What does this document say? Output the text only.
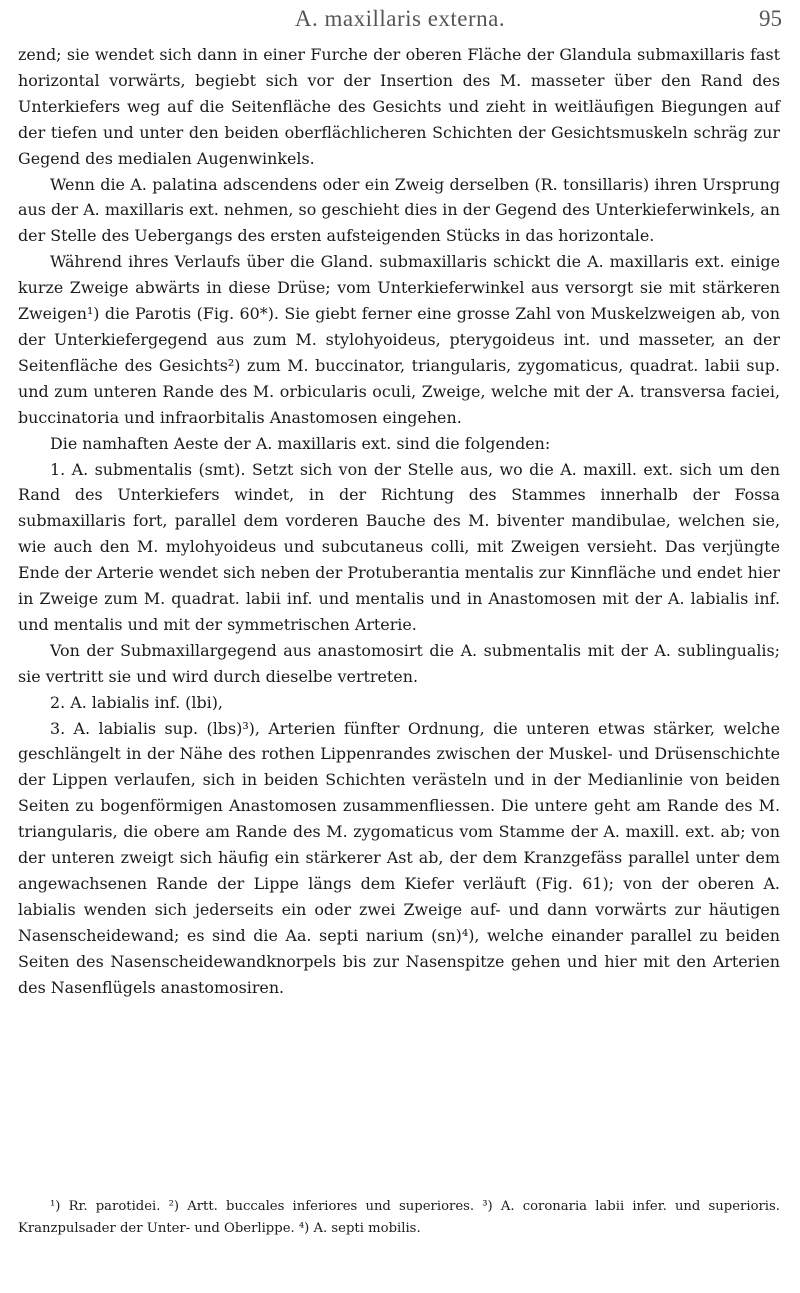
A. maxillaris externa.	95

zend; sie wendet sich dann in einer Furche der oberen Fläche der Glandula submaxillaris fast horizontal vorwärts, begiebt sich vor der Insertion des M. masseter über den Rand des Unterkiefers weg auf die Seitenfläche des Gesichts und zieht in weitläufigen Biegungen auf der tiefen und unter den beiden oberflächlicheren Schichten der Gesichtsmuskeln schräg zur Gegend des medialen Augenwinkels.

Wenn die A. palatina adscendens oder ein Zweig derselben (R. tonsillaris) ihren Ursprung aus der A. maxillaris ext. nehmen, so geschieht dies in der Gegend des Unterkieferwinkels, an der Stelle des Uebergangs des ersten aufsteigenden Stücks in das horizontale.

Während ihres Verlaufs über die Gland. submaxillaris schickt die A. maxillaris ext. einige kurze Zweige abwärts in diese Drüse; vom Unterkieferwinkel aus versorgt sie mit stärkeren Zweigen¹) die Parotis (Fig. 60*). Sie giebt ferner eine grosse Zahl von Muskelzweigen ab, von der Unterkiefergegend aus zum M. stylohyoideus, pterygoideus int. und masseter, an der Seitenfläche des Gesichts²) zum M. buccinator, triangularis, zygomaticus, quadrat. labii sup. und zum unteren Rande des M. orbicularis oculi, Zweige, welche mit der A. transversa faciei, buccinatoria und infraorbitalis Anastomosen eingehen.

Die namhaften Aeste der A. maxillaris ext. sind die folgenden:

1. A. submentalis (smt). Setzt sich von der Stelle aus, wo die A. maxill. ext. sich um den Rand des Unterkiefers windet, in der Richtung des Stammes innerhalb der Fossa submaxillaris fort, parallel dem vorderen Bauche des M. biventer mandibulae, welchen sie, wie auch den M. mylohyoideus und subcutaneus colli, mit Zweigen versieht. Das verjüngte Ende der Arterie wendet sich neben der Protuberantia mentalis zur Kinnfläche und endet hier in Zweige zum M. quadrat. labii inf. und mentalis und in Anastomosen mit der A. labialis inf. und mentalis und mit der symmetrischen Arterie.

Von der Submaxillargegend aus anastomosirt die A. submentalis mit der A. sublingualis; sie vertritt sie und wird durch dieselbe vertreten.

2. A. labialis inf. (lbi),

3. A. labialis sup. (lbs)³), Arterien fünfter Ordnung, die unteren etwas stärker, welche geschlängelt in der Nähe des rothen Lippenrandes zwischen der Muskel- und Drüsenschichte der Lippen verlaufen, sich in beiden Schichten verästeln und in der Medianlinie von beiden Seiten zu bogenförmigen Anastomosen zusammenfliessen. Die untere geht am Rande des M. triangularis, die obere am Rande des M. zygomaticus vom Stamme der A. maxill. ext. ab; von der unteren zweigt sich häufig ein stärkerer Ast ab, der dem Kranzgefäss parallel unter dem angewachsenen Rande der Lippe längs dem Kiefer verläuft (Fig. 61); von der oberen A. labialis wenden sich jederseits ein oder zwei Zweige auf- und dann vorwärts zur häutigen Nasenscheidewand; es sind die Aa. septi narium (sn)⁴), welche einander parallel zu beiden Seiten des Nasenscheidewandknorpels bis zur Nasenspitze gehen und hier mit den Arterien des Nasenflügels anastomosiren.

¹) Rr. parotidei. ²) Artt. buccales inferiores und superiores. ³) A. coronaria labii infer. und superioris. Kranzpulsader der Unter- und Oberlippe. ⁴) A. septi mobilis.
